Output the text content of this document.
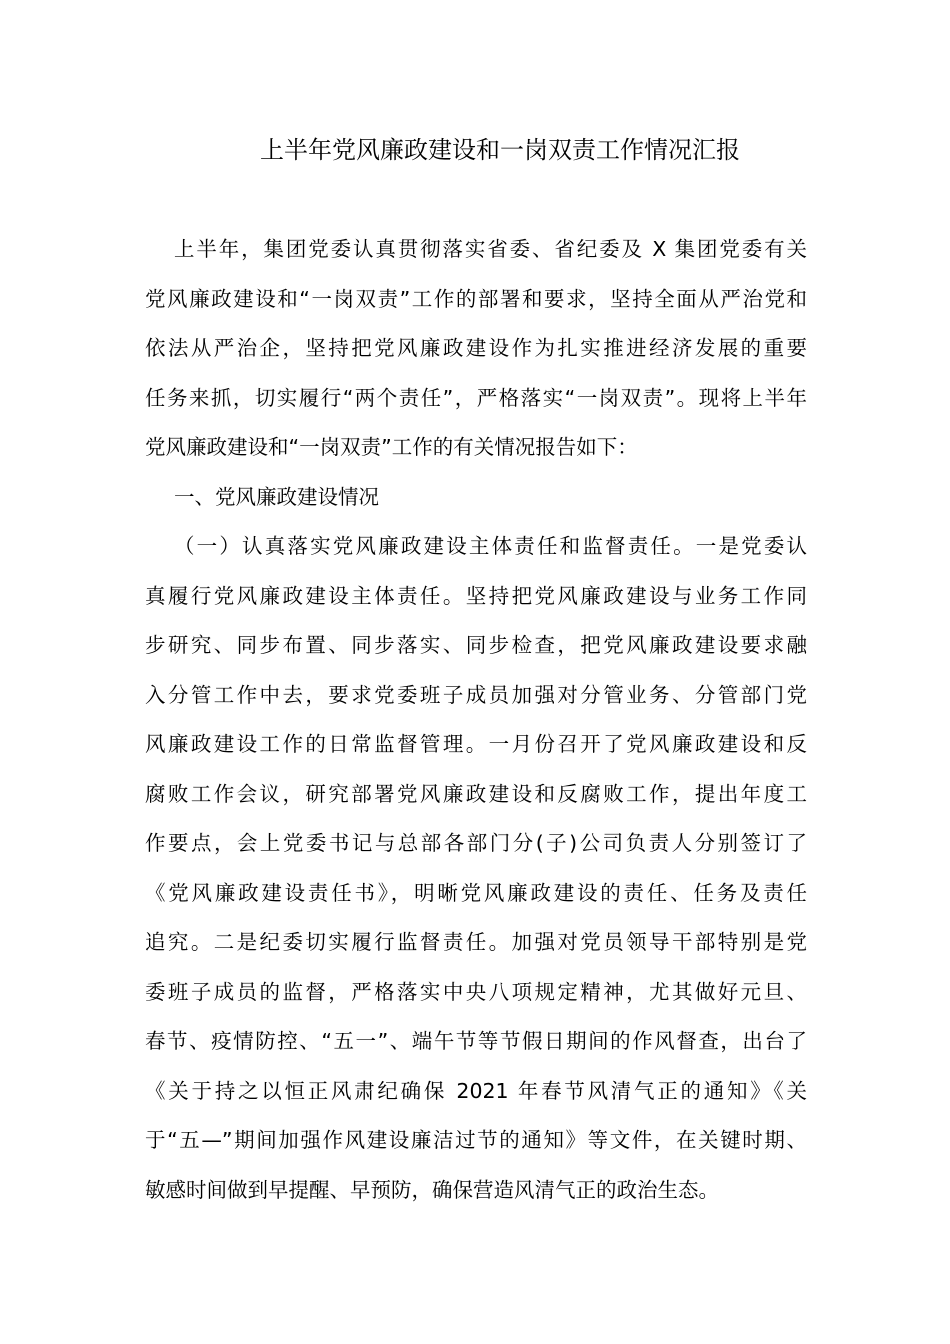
上半年党风廉政建设和一岗双责工作情况汇报
上半年，集团党委认真贯彻落实省委、省纪委及 X 集团党委有关
党风廉政建设和“一岗双责”工作的部署和要求，坚持全面从严治党和
依法从严治企，坚持把党风廉政建设作为扎实推进经济发展的重要
任务来抓，切实履行“两个责任”，严格落实“一岗双责”。现将上半年
党风廉政建设和“一岗双责”工作的有关情况报告如下：
一、党风廉政建设情况
（一）认真落实党风廉政建设主体责任和监督责任。一是党委认
真履行党风廉政建设主体责任。坚持把党风廉政建设与业务工作同
步研究、同步布置、同步落实、同步检查，把党风廉政建设要求融
入分管工作中去，要求党委班子成员加强对分管业务、分管部门党
风廉政建设工作的日常监督管理。一月份召开了党风廉政建设和反
腐败工作会议，研究部署党风廉政建设和反腐败工作，提出年度工
作要点，会上党委书记与总部各部门分(子)公司负责人分别签订了
《党风廉政建设责任书》，明晰党风廉政建设的责任、任务及责任
追究。二是纪委切实履行监督责任。加强对党员领导干部特别是党
委班子成员的监督，严格落实中央八项规定精神，尤其做好元旦、
春节、疫情防控、“五一”、端午节等节假日期间的作风督查，出台了
《关于持之以恒正风肃纪确保 2021 年春节风清气正的通知》《关
于“五—”期间加强作风建设廉洁过节的通知》等文件，在关键时期、
敏感时间做到早提醒、早预防，确保营造风清气正的政治生态。
